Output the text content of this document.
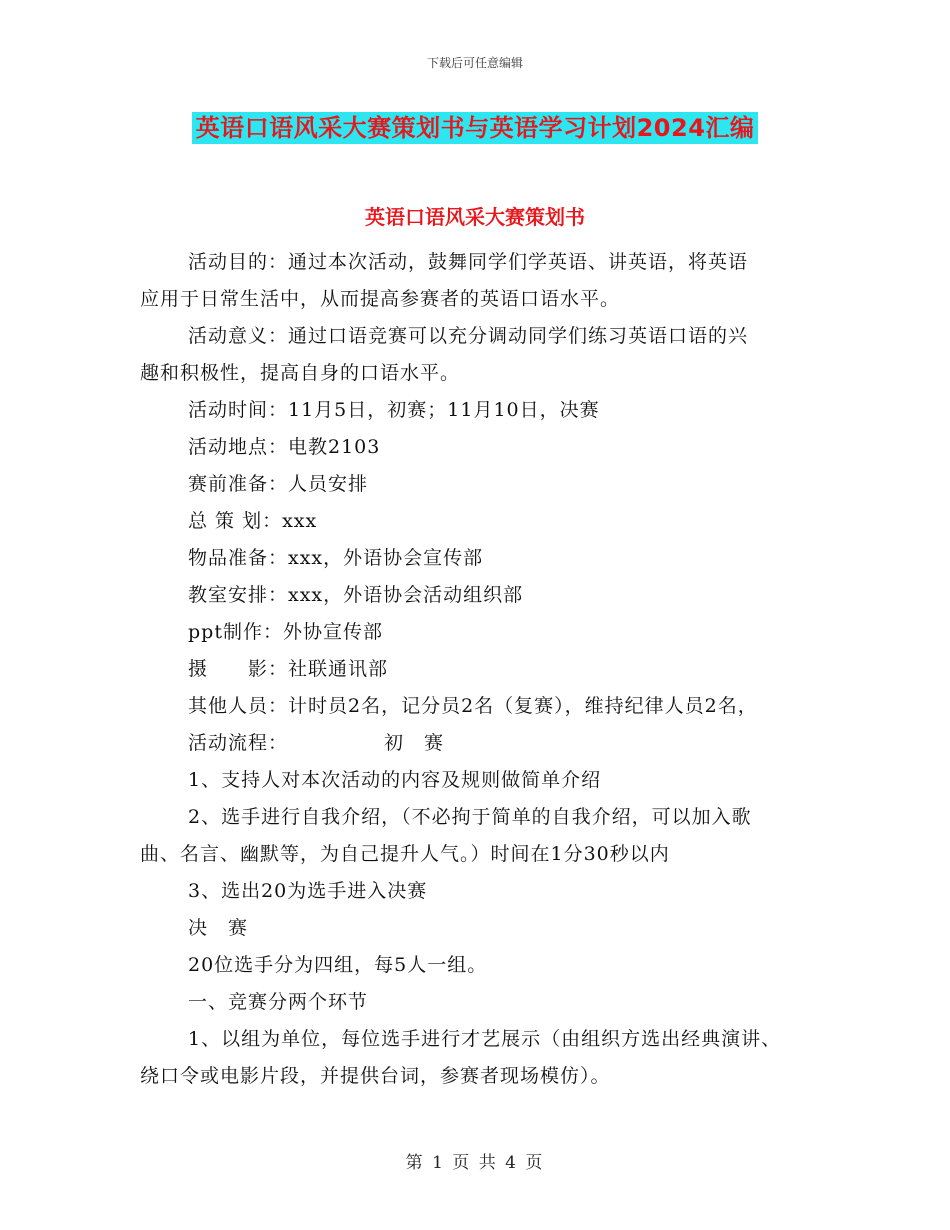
下载后可任意编辑
英语口语风采大赛策划书与英语学习计划2024汇编
英语口语风采大赛策划书

活动目的：通过本次活动，鼓舞同学们学英语、讲英语，将英语

应用于日常生活中，从而提高参赛者的英语口语水平。

活动意义：通过口语竞赛可以充分调动同学们练习英语口语的兴

趣和积极性，提高自身的口语水平。

活动时间：11月5日，初赛；11月10日，决赛

活动地点：电教2103

赛前准备：人员安排

总 策 划：xxx

物品准备：xxx，外语协会宣传部

教室安排：xxx，外语协会活动组织部

ppt制作：外协宣传部

摄　　影：社联通讯部

其他人员：计时员2名，记分员2名（复赛），维持纪律人员2名，

活动流程：	初　赛

1、支持人对本次活动的内容及规则做简单介绍

2、选手进行自我介绍，（不必拘于简单的自我介绍，可以加入歌

曲、名言、幽默等，为自己提升人气。）时间在1分30秒以内

3、选出20为选手进入决赛

决　赛

20位选手分为四组，每5人一组。

一、竞赛分两个环节

1、以组为单位，每位选手进行才艺展示（由组织方选出经典演讲、

绕口令或电影片段，并提供台词，参赛者现场模仿）。

第 1 页 共 4 页
